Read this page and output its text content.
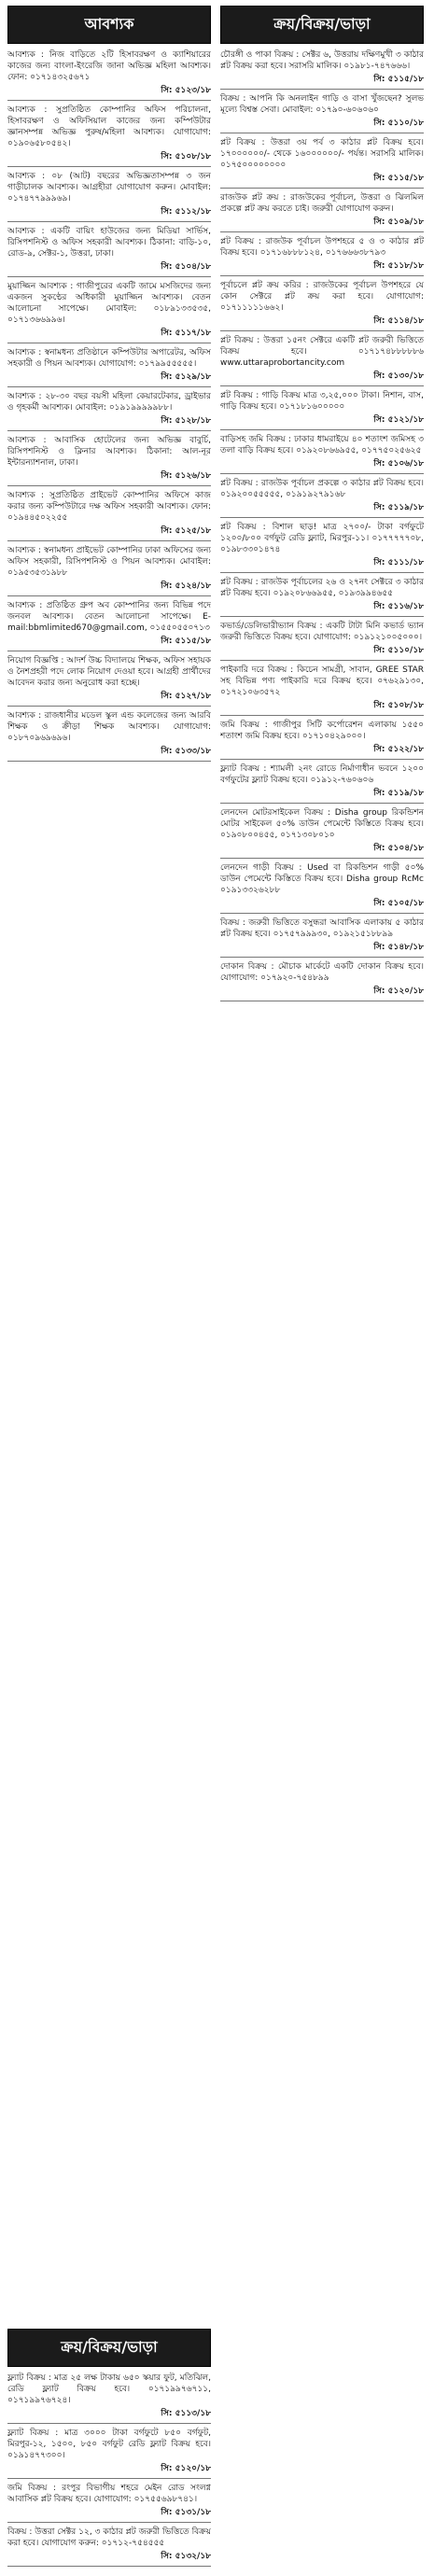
আবশ্যক
আবশ্যক : নিজ বাড়িতে ২টি হিসাবরক্ষণ ও ক্যাশিয়ারের কাজের জন্য বাংলা-ইংরেজি জানা অভিজ্ঞ মহিলা আবশ্যক। ফোন: ০১৭১৪৩২৫৬৭১
সি: ৫১২৩/১৮
আবশ্যক : সুপ্রতিষ্ঠিত কোম্পানির অফিস পরিচালনা, হিসাবরক্ষণ ও অফিসিয়াল কাজের জন্য কম্পিউটার জ্ঞানসম্পন্ন অভিজ্ঞ পুরুষ/মহিলা আবশ্যক। যোগাযোগ: ০১৯০৬৫৮০৫৪২।
সি: ৫১০৮/১৮
আবশ্যক : ০৮ (আট) বছরের অভিজ্ঞতাসম্পন্ন ৩ জন গাড়ীচালক আবশ্যক। আগ্রহীরা যোগাযোগ করুন। মোবাইল: ০১৭৪৭৭৯৯৯৬৯।
সি: ৫১১২/১৮
আবশ্যক : একটি বায়িং হাউজের জন্য মিডিয়া সার্ভিস, রিসিপশনিস্ট ও অফিস সহকারী আবশ্যক। ঠিকানা: বাড়ি-১০, রোড-৯, সেক্টর-১, উত্তরা, ঢাকা।
সি: ৫১০৪/১৮
মুয়াজ্জিন আবশ্যক : গাজীপুরের একটি জামে মসজিদের জন্য একজন সুকণ্ঠের অধিকারী মুয়াজ্জিন আবশ্যক। বেতন আলোচনা সাপেক্ষে। মোবাইল: ০১৮৯১৩৩৫৩৫, ০১৭১৩৬৬৯৯৬।
সি: ৫১১৭/১৮
আবশ্যক : স্বনামধন্য প্রতিষ্ঠানে কম্পিউটার অপারেটর, অফিস সহকারী ও পিয়ন আবশ্যক। যোগাযোগ: ০১৭৯৯৫৫৫৫৫।
সি: ৫১২৯/১৮
আবশ্যক : ২৮-৩০ বছর বয়সী মহিলা কেয়ারটেকার, ড্রাইভার ও গৃহকর্মী আবশ্যক। মোবাইল: ০১৯১৯৯৯৯৯৮৮।
সি: ৫১২৮/১৮
আবশ্যক : আবাসিক হোটেলের জন্য অভিজ্ঞ বাবুর্চি, রিসিপশনিস্ট ও ক্লিনার আবশ্যক। ঠিকানা: আল-নূর ইন্টারন্যাশনাল, ঢাকা।
সি: ৫১২৬/১৮
আবশ্যক : সুপ্রতিষ্ঠিত প্রাইভেট কোম্পানির অফিসে কাজ করার জন্য কম্পিউটারে দক্ষ অফিস সহকারী আবশ্যক। ফোন: ০১৯৪৪৫০২২৫৫
সি: ৫১২৫/১৮
আবশ্যক : স্বনামধন্য প্রাইভেট কোম্পানির ঢাকা অফিসের জন্য অফিস সহকারী, রিসিপশনিস্ট ও পিয়ন আবশ্যক। মোবাইল: ০১৯৫৩৫৩১৯৮৮
সি: ৫১২৪/১৮
আবশ্যক : প্রতিষ্ঠিত গ্রুপ অব কোম্পানির জন্য বিভিন্ন পদে জনবল আবশ্যক। বেতন আলোচনা সাপেক্ষে। E-mail:bbmlimited670@gmail.com, ০১৫৫০৫৫০৭১৩
সি: ৫১১৫/১৮
নিয়োগ বিজ্ঞপ্তি : আদর্শ উচ্চ বিদ্যালয়ে শিক্ষক, অফিস সহায়ক ও নৈশপ্রহরী পদে লোক নিয়োগ দেওয়া হবে। আগ্রহী প্রার্থীদের আবেদন করার জন্য অনুরোধ করা হচ্ছে।
সি: ৫১২৭/১৮
আবশ্যক : রাজধানীর মডেল স্কুল এন্ড কলেজের জন্য আরবি শিক্ষক ও ক্রীড়া শিক্ষক আবশ্যক। যোগাযোগ: ০১৮৭০৯৬৯৬৯৬।
সি: ৫১৩৩/১৮
ক্রয়/বিক্রয়/ভাড়া
ফ্ল্যাট বিক্রয় : মাত্র ২৫ লক্ষ টাকায় ৬৫০ স্কয়ার ফুট, মতিঝিল, রেডি ফ্ল্যাট বিক্রয় হবে। ০১৭১৯৯৭৬৭১১, ০১৭১৯৯৭৬৭২৪।
সি: ৫১১৩/১৮
ফ্ল্যাট বিক্রয় : মাত্র ৩০০০ টাকা বর্গফুটে ৮৫০ বর্গফুট, মিরপুর-১২, ১৫০০, ৮৫০ বর্গফুট রেডি ফ্ল্যাট বিক্রয় হবে। ০১৯১৪৭৭৩০০।
সি: ৫১২০/১৮
জমি বিক্রয় : রংপুর বিভাগীয় শহরে মেইন রোড সংলগ্ন আবাসিক প্লট বিক্রয় হবে। যোগাযোগ: ০১৭৫৫৬৯৮৭৪১।
সি: ৫১৩১/১৮
বিক্রয় : উত্তরা সেক্টর ১২, ৩ কাঠার প্লট জরুরী ভিত্তিতে বিক্রয় করা হবে। যোগাযোগ করুন: ০১৭১২-৭৫৪৫৫৫
সি: ৫১৩২/১৮
ক্রয়/বিক্রয়/ভাড়া
চৌরঙ্গী ও পাকা বিক্রয় : সেক্টর ৬, উত্তরায় দক্ষিণমুখী ৩ কাঠার প্লট বিক্রয় করা হবে। সরাসরি মালিক। ০১৯৮১-৭৪৭৬৬৬।
সি: ৫১১৫/১৮
বিক্রয় : আপনি কি অনলাইন গাড়ি ও বাসা খুঁজছেন? সুলভ মূল্যে বিশ্বস্ত সেবা। মোবাইল: ০১৭৯০-৬০৬০৬০
সি: ৫১১০/১৮
প্লট বিক্রয় : উত্তরা ৩য় পর্ব ৩ কাঠার প্লট বিক্রয় হবে। ১৭০০০০০০/- থেকে ১৬০০০০০০/- পর্যন্ত। সরাসরি মালিক। ০১৭৫০০০০০০০০
সি: ৫১১৫/১৮
রাজউক প্লট ক্রয় : রাজউকের পূর্বাচল, উত্তরা ও ঝিলমিল প্রকল্পে প্লট ক্রয় করতে চাই। জরুরী যোগাযোগ করুন।
সি: ৫১০৯/১৮
প্লট বিক্রয় : রাজউক পূর্বাচল উপশহরে ৫ ও ৩ কাঠার প্লট বিক্রয় হবে। ০১৭১৬৮৮৮১২৪, ০১৭৬৬৬৩৮৭৯৩
সি: ৫১১৮/১৮
পূর্বাচলে প্লট ক্রয় করির : রাজউকের পূর্বাচল উপশহরে যে কোন সেক্টরে প্লট ক্রয় করা হবে। যোগাযোগ: ০১৭১১১১১৬৬২।
সি: ৫১১৪/১৮
প্লট বিক্রয় : উত্তরা ১৫নং সেক্টরে একটি প্লট জরুরী ভিত্তিতে বিক্রয় হবে। ০১৭১৭৪৮৮৮৮৮৬ www.uttaraprobortancity.com
সি: ৫১৩০/১৮
প্লট বিক্রয় : গাড়ি বিক্রয় মাত্র ৩,২৫,০০০ টাকা। নিশান, বাস, গাড়ি বিক্রয় হবে। ০১৭১৮১৬০০০০০
সি: ৫১২১/১৮
বাড়িসহ জমি বিক্রয় : ঢাকার ধামরাইয়ে ৪০ শতাংশ জমিসহ ৩ তলা বাড়ি বিক্রয় হবে। ০১৯২০৮৬৬৯৫৫, ০১৭৭৫০২৫৬২৫
সি: ৫১০৬/১৮
প্লট বিক্রয় : রাজউক পূর্বাচল প্রকল্পে ৩ কাঠার প্লট বিক্রয় হবে। ০১৯২০০৫৫৫৫৫, ০১৯১৯২৭৯১৬৮
সি: ৫১১৯/১৮
প্লট বিক্রয় : বিশাল ছাড়! মাত্র ২৭০০/- টাকা বর্গফুটে ১২০০/৮০০ বর্গফুট রেডি ফ্ল্যাট, মিরপুর-১১। ০১৭৭৭৭৭০৮, ০১৯৮৩৩০১৪৭৪
সি: ৫১১১/১৮
প্লট বিক্রয় : রাজউক পূর্বাচলের ২৬ ও ২৭নং সেক্টরে ৩ কাঠার প্লট বিক্রয় হবে। ০১৯২০৮৬৬৯৫৫, ০১৯৩৯৯৪৬৫৫
সি: ৫১১৬/১৮
কভার্ড/ডেলিভারীভ্যান বিক্রয় : একটি টাটা মিনি কভার্ড ভ্যান জরুরী ভিত্তিতে বিক্রয় হবে। যোগাযোগ: ০১৯১২১০০৫০০০।
সি: ৫১১০/১৮
পাইকারি দরে বিক্রয় : কিচেন সামগ্রী, সাবান, GREE STAR সহ বিভিন্ন পণ্য পাইকারি দরে বিক্রয় হবে। ০৭৬২৯১৩০, ০১৭২১০৬৩৫৭২
সি: ৫১০৮/১৮
জমি বিক্রয় : গাজীপুর সিটি কর্পোরেশন এলাকায় ১৫৫০ শতাংশ জমি বিক্রয় হবে। ০১৭১০৪২৯০০০।
সি: ৫১২২/১৮
ফ্ল্যাট বিক্রয় : শ্যামলী ২নং রোডে নির্মাণাধীন ভবনে ১২০০ বর্গফুটের ফ্ল্যাট বিক্রয় হবে। ০১৯১২-৭৬০৬০৬
সি: ৫১১৯/১৮
লেনদেন মোটরসাইকেল বিক্রয় : Disha group রিকন্ডিশন মোটর সাইকেল ৫০% ডাউন পেমেন্টে কিস্তিতে বিক্রয় হবে। ০১৯০৮০০৪৫৫, ০১৭১৩০৮০১০
সি: ৫১০৪/১৮
লেনদেন গাড়ী বিক্রয় : Used বা রিকন্ডিশন গাড়ী ৫০% ডাউন পেমেন্টে কিস্তিতে বিক্রয় হবে। Disha group RcMc ০১৯১৩৩২৬২৮৮
সি: ৫১০৫/১৮
বিক্রয় : জরুরী ভিত্তিতে বসুন্ধরা আবাসিক এলাকায় ৫ কাঠার প্লট বিক্রয় হবে। ০১৭৫৭৯৯৯৩০, ০১৯২১৫১৮৮৯৯
সি: ৫১৪৮/১৮
দোকান বিক্রয় : মৌচাক মার্কেটে একটি দোকান বিক্রয় হবে। যোগাযোগ: ০১৭৯২০-৭৫৪৮৯৯
সি: ৫১২০/১৮
